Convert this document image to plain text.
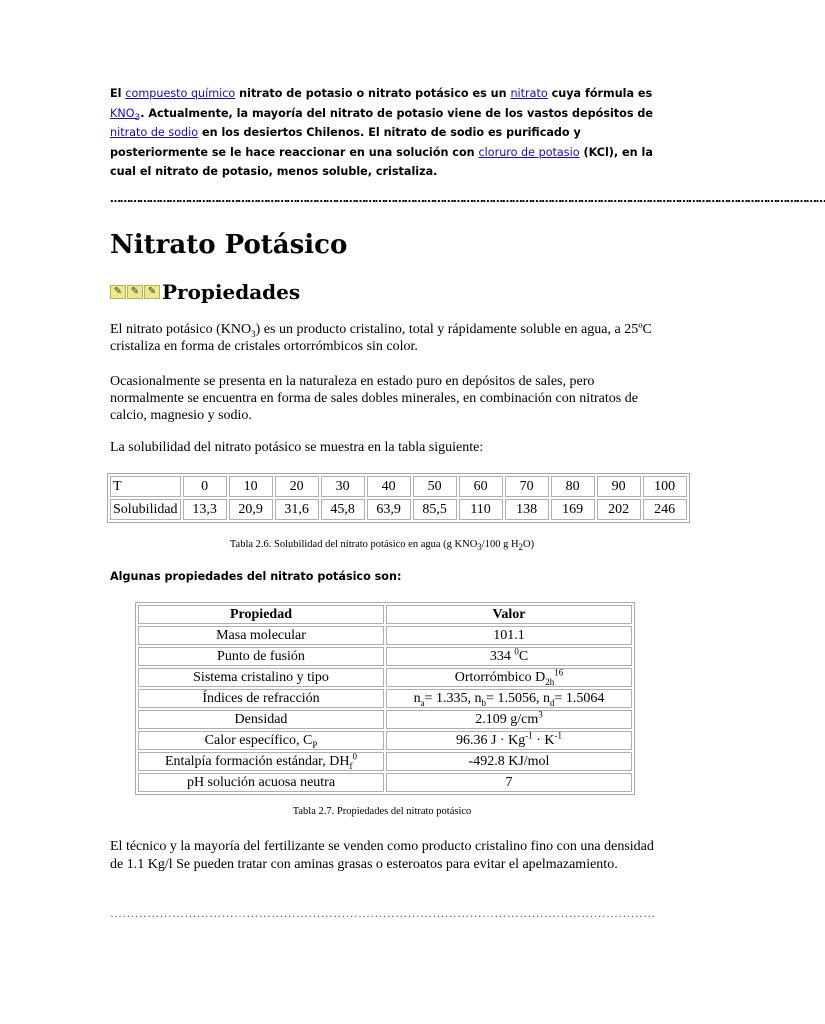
El compuesto químico nitrato de potasio o nitrato potásico es un nitrato cuya fórmula es $KNO_3$. Actualmente, la mayoría del nitrato de potasio viene de los vastos depósitos de nitrato de sodio en los desiertos Chilenos. El nitrato de sodio es purificado y posteriormente se le hace reaccionar en una solución con cloruro de potasio (KCl), en la cual el nitrato de potasio, menos soluble, cristaliza.

…………………………………………………………………………………………………………………………………………………………………………………………………
Nitrato Potásico
✎ ✎ ✎ Propiedades

El nitrato potásico $(KNO_3)$ es un producto cristalino, total y rápidamente soluble en agua, a 25ºC cristaliza en forma de cristales ortorrómbicos sin color.

Ocasionalmente se presenta en la naturaleza en estado puro en depósitos de sales, pero normalmente se encuentra en forma de sales dobles minerales, en combinación con nitratos de calcio, magnesio y sodio.

La solubilidad del nitrato potásico se muestra en la tabla siguiente:

T	0	10	20	30	40	50	60	70	80	90	100
Solubilidad	13,3	20,9	31,6	45,8	63,9	85,5	110	138	169	202	246
Tabla 2.6. Solubilidad del nitrato potásico en agua (g $KNO_3/100$ g $H_2O$)
Algunas propiedades del nitrato potásico son:
Propiedad	Valor
Masa molecular	101.1
Punto de fusión	334 $^0$C
Sistema cristalino y tipo	Ortorrómbico $D_{2h}^{16}$
Índices de refracción	$n_a= 1.335$, $n_b= 1.5056$, $n_d= 1.5064$
Densidad	2.109 $g/cm^3$
Calor específico, $C_P$	96.36 $J \cdot Kg^{-1} \cdot K^{-1}$
Entalpía formación estándar, $DH_f^0$	-492.8 KJ/mol
pH solución acuosa neutra	7
Tabla 2.7. Propiedades del nitrato potásico

El técnico y la mayoría del fertilizante se venden como producto cristalino fino con una densidad de 1.1 Kg/l Se pueden tratar con aminas grasas o esteroatos para evitar el apelmazamiento.

……………………………………………………………………………………………………………………
